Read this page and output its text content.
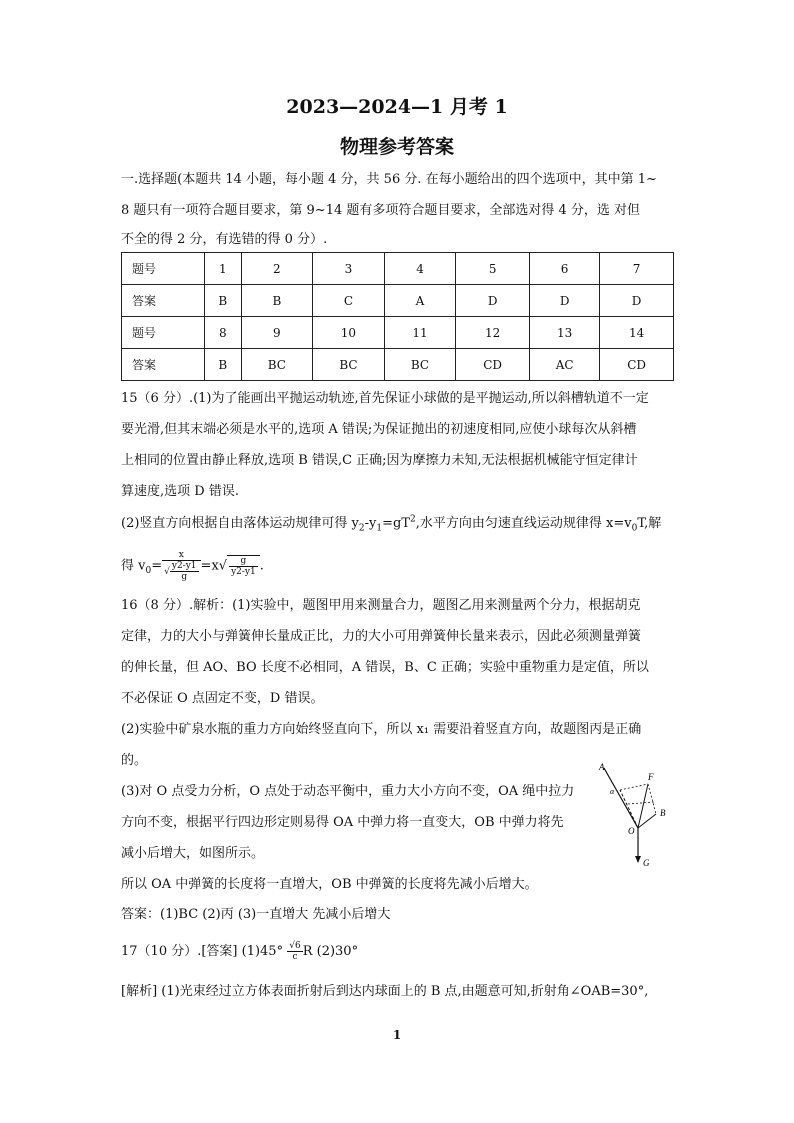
2023—2024—1 月考 1
物理参考答案
一.选择题(本题共 14 小题，每小题 4 分，共 56 分. 在每小题给出的四个选项中，其中第 1~
8 题只有一项符合题目要求，第 9~14 题有多项符合题目要求，全部选对得 4 分，选 对但
不全的得 2 分，有选错的得 0 分）.
题号	1	2	3	4	5	6	7
答案	B	B	C	A	D	D	D
题号	8	9	10	11	12	13	14
答案	B	BC	BC	BC	CD	AC	CD
15（6 分）.(1)为了能画出平抛运动轨迹,首先保证小球做的是平抛运动,所以斜槽轨道不一定
要光滑,但其末端必须是水平的,选项 A 错误;为保证抛出的初速度相同,应使小球每次从斜槽
上相同的位置由静止释放,选项 B 错误,C 正确;因为摩擦力未知,无法根据机械能守恒定律计
算速度,选项 D 错误.
(2)竖直方向根据自由落体运动规律可得 $y_2-y_1=gT^2$,水平方向由匀速直线运动规律得 $x=v_0T$,解
得 $v_0= \frac{x}{√ \frac{y2-y1}{g}} =x√ \frac{g}{y2-y1}$ .
16（8 分）.解析：(1)实验中，题图甲用来测量合力，题图乙用来测量两个分力，根据胡克
定律，力的大小与弹簧伸长量成正比，力的大小可用弹簧伸长量来表示，因此必须测量弹簧
的伸长量，但 AO、BO 长度不必相同，A 错误，B、C 正确；实验中重物重力是定值，所以
不必保证 O 点固定不变，D 错误。
(2)实验中矿泉水瓶的重力方向始终竖直向下，所以 x₁ 需要沿着竖直方向，故题图丙是正确
的。
(3)对 O 点受力分析，O 点处于动态平衡中，重力大小方向不变，OA 绳中拉力
方向不变，根据平行四边形定则易得 OA 中弹力将一直变大，OB 中弹力将先
减小后增大，如图所示。
所以 OA 中弹簧的长度将一直增大，OB 中弹簧的长度将先减小后增大。
答案：(1)BC (2)丙 (3)一直增大 先减小后增大
A
F
α
B
O
G
17（10 分）.[答案] $(1)45^\circ \frac{√6}{c}$ R (2)30°
[解析] (1)光束经过立方体表面折射后到达内球面上的 B 点,由题意可知,折射角∠OAB=30°,
1
